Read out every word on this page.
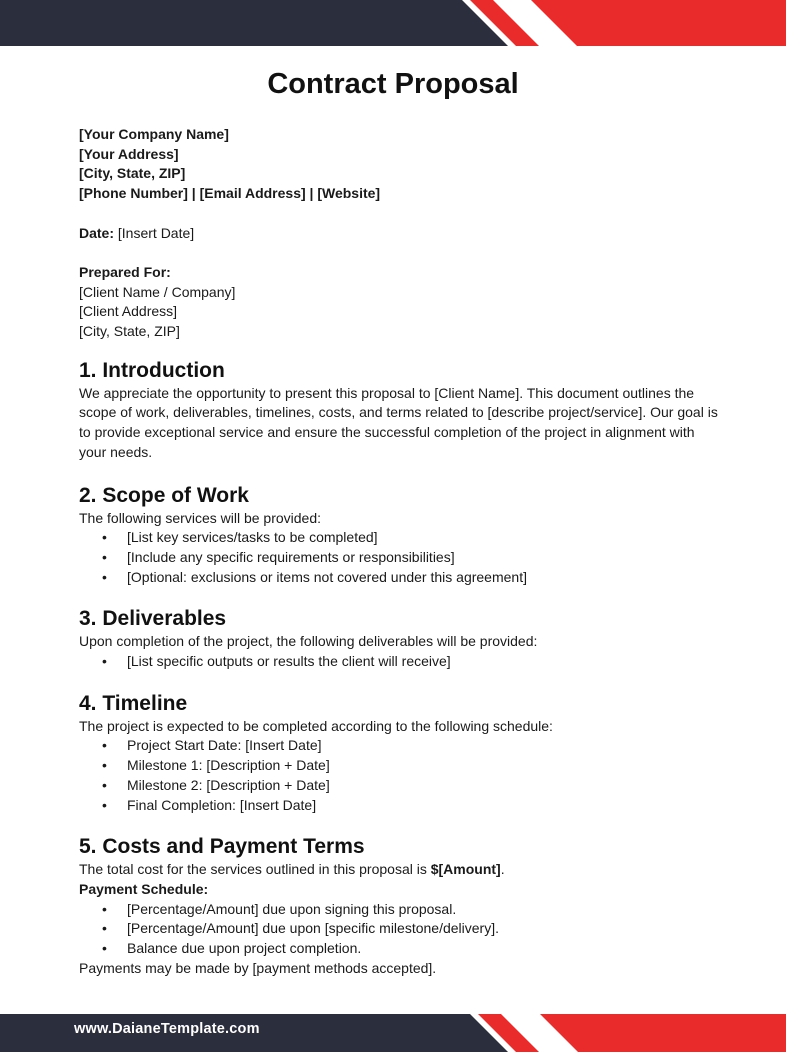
Contract Proposal

[Your Company Name]

[Your Address]

[City, State, ZIP]

[Phone Number] | [Email Address] | [Website]

Date: [Insert Date]

Prepared For:

[Client Name / Company]

[Client Address]

[City, State, ZIP]

1. Introduction

We appreciate the opportunity to present this proposal to [Client Name]. This document outlines the scope of work, deliverables, timelines, costs, and terms related to [describe project/service]. Our goal is to provide exceptional service and ensure the successful completion of the project in alignment with your needs.

2. Scope of Work

The following services will be provided:

• [List key services/tasks to be completed]
• [Include any specific requirements or responsibilities]
• [Optional: exclusions or items not covered under this agreement]
3. Deliverables

Upon completion of the project, the following deliverables will be provided:

• [List specific outputs or results the client will receive]
4. Timeline

The project is expected to be completed according to the following schedule:

• Project Start Date: [Insert Date]
• Milestone 1: [Description + Date]
• Milestone 2: [Description + Date]
• Final Completion: [Insert Date]
5. Costs and Payment Terms

The total cost for the services outlined in this proposal is $[Amount].

Payment Schedule:

• [Percentage/Amount] due upon signing this proposal.
• [Percentage/Amount] due upon [specific milestone/delivery].
• Balance due upon project completion.

Payments may be made by [payment methods accepted].

www.DaianeTemplate.com
